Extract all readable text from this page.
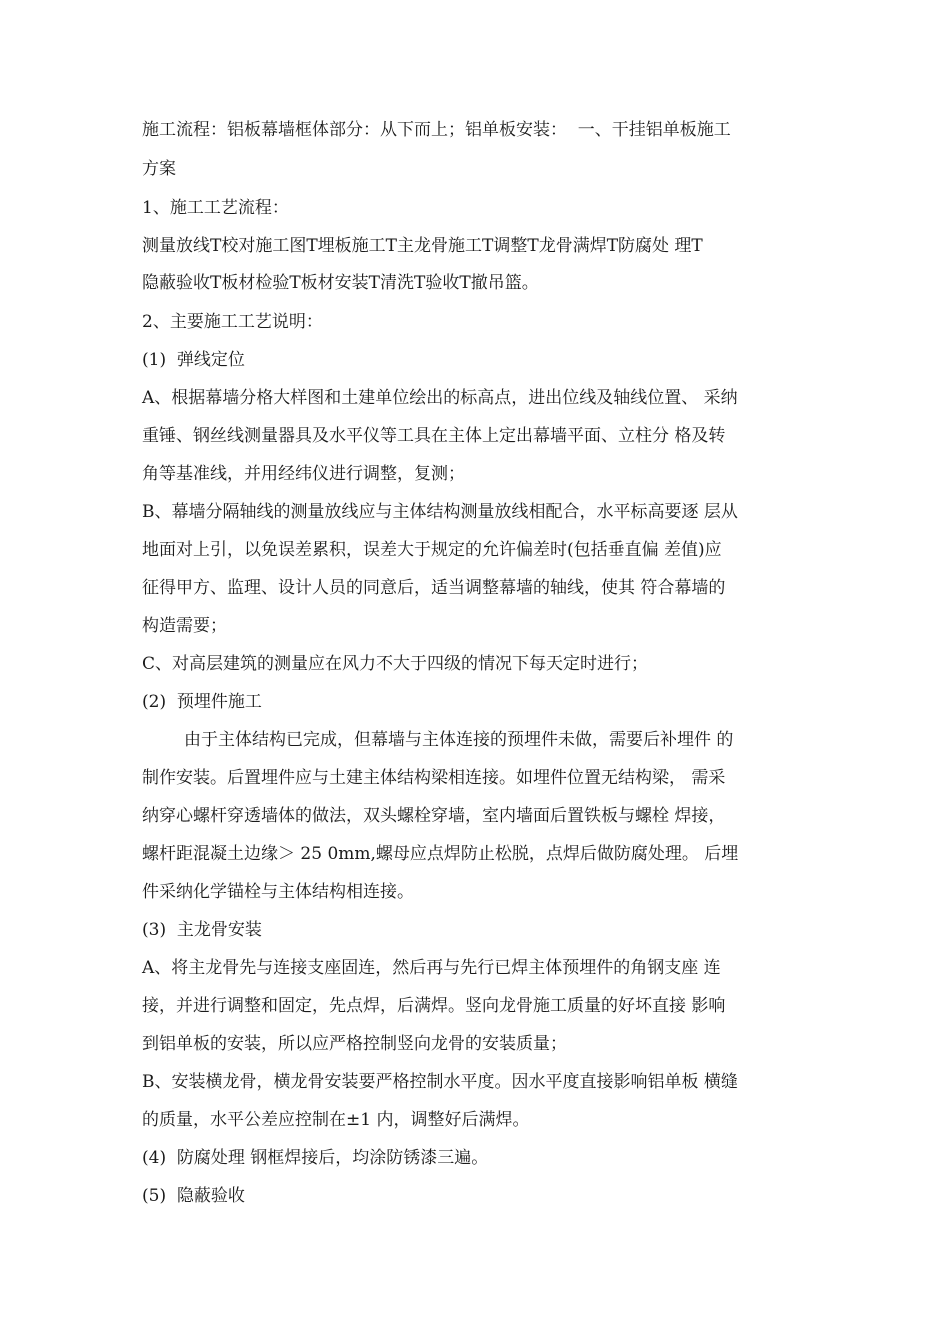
施工流程：铝板幕墙框体部分：从下而上；铝单板安装：  一、干挂铝单板施工
方案
1、施工工艺流程：
测量放线T校对施工图T埋板施工T主龙骨施工T调整T龙骨满焊T防腐处 理T
隐蔽验收T板材检验T板材安装T清洗T验收T撤吊篮。
2、主要施工工艺说明：
(1)  弹线定位
A、根据幕墙分格大样图和土建单位绘出的标高点，进出位线及轴线位置、 采纳
重锤、钢丝线测量器具及水平仪等工具在主体上定出幕墙平面、立柱分 格及转
角等基准线，并用经纬仪进行调整，复测；
B、幕墙分隔轴线的测量放线应与主体结构测量放线相配合，水平标高要逐 层从
地面对上引，以免误差累积，误差大于规定的允许偏差时(包括垂直偏 差值)应
征得甲方、监理、设计人员的同意后，适当调整幕墙的轴线，使其 符合幕墙的
构造需要；
C、对高层建筑的测量应在风力不大于四级的情况下每天定时进行；
(2)  预埋件施工
由于主体结构已完成，但幕墙与主体连接的预埋件未做，需要后补埋件 的
制作安装。后置埋件应与土建主体结构梁相连接。如埋件位置无结构梁， 需采
纳穿心螺杆穿透墙体的做法，双头螺栓穿墙，室内墙面后置铁板与螺栓 焊接，
螺杆距混凝土边缘＞ 25 0mm,螺母应点焊防止松脱，点焊后做防腐处理。 后埋
件采纳化学锚栓与主体结构相连接。
(3)  主龙骨安装
A、将主龙骨先与连接支座固连，然后再与先行已焊主体预埋件的角钢支座 连
接，并进行调整和固定，先点焊，后满焊。竖向龙骨施工质量的好坏直接 影响
到铝单板的安装，所以应严格控制竖向龙骨的安装质量；
B、安装横龙骨，横龙骨安装要严格控制水平度。因水平度直接影响铝单板 横缝
的质量，水平公差应控制在±1 内，调整好后满焊。
(4)  防腐处理 钢框焊接后，均涂防锈漆三遍。
(5)  隐蔽验收
